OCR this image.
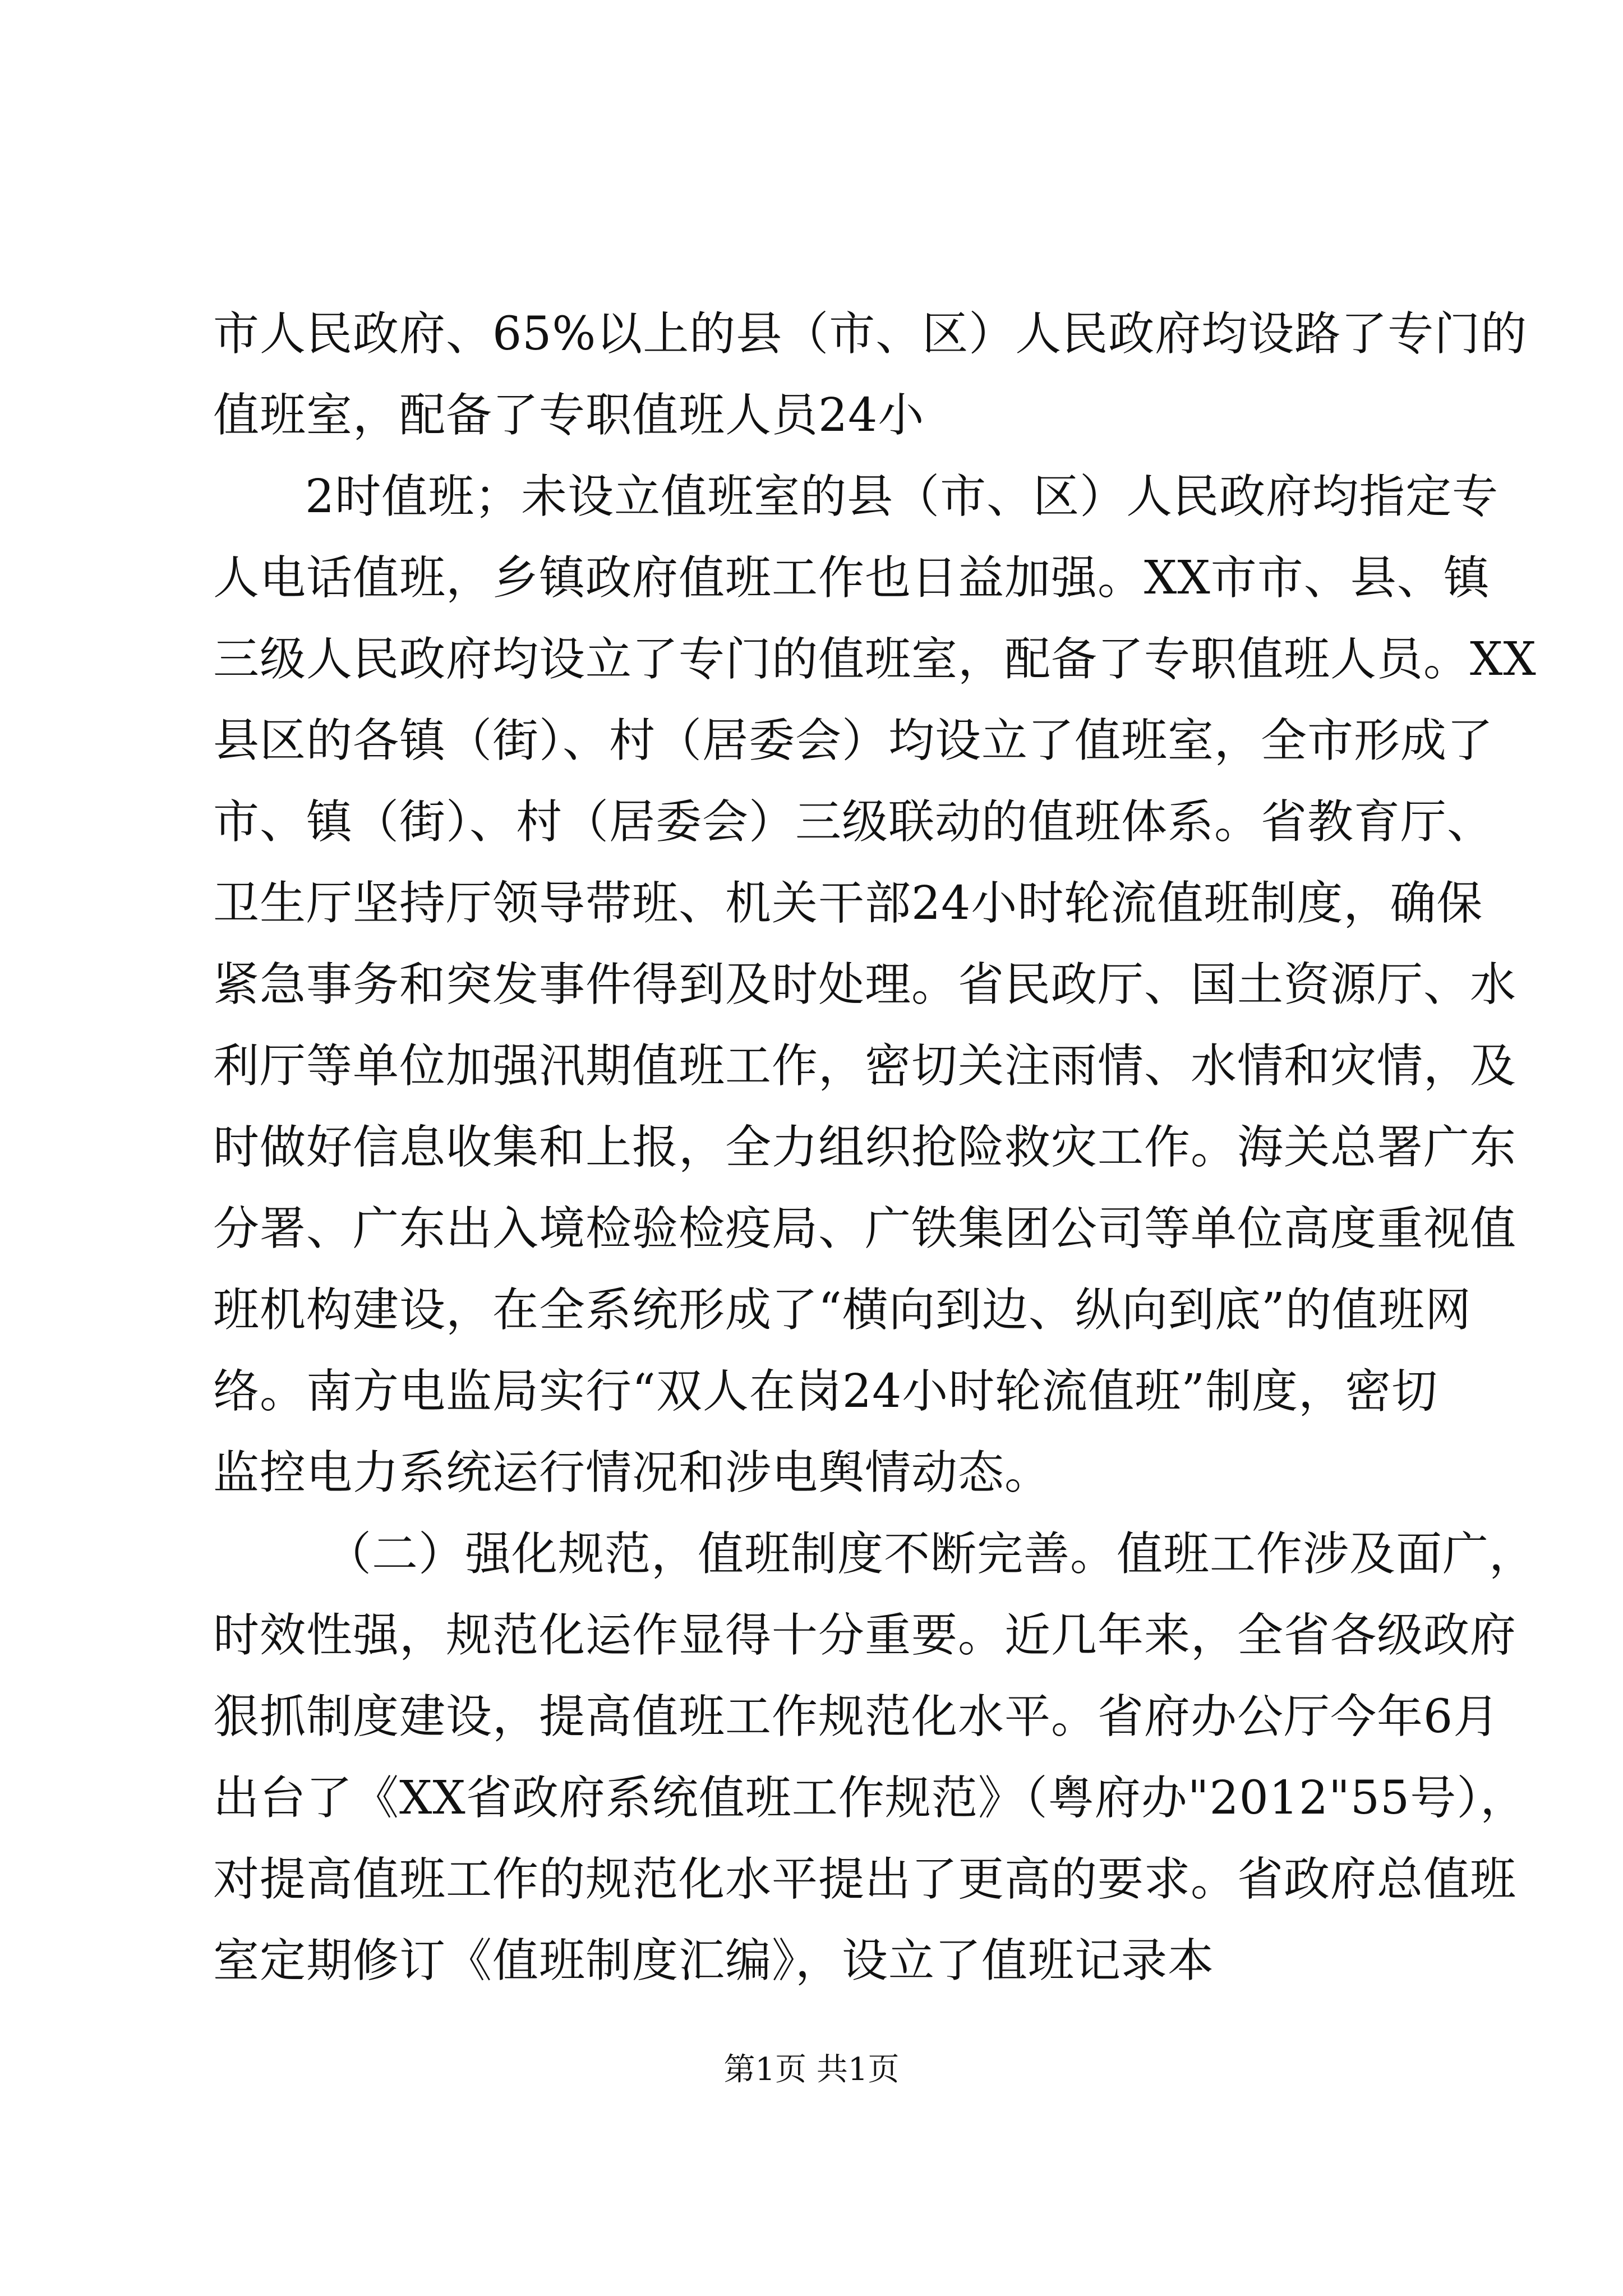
市人民政府、65%以上的县（市、区）人民政府均设路了专门的
值班室，配备了专职值班人员24小
2时值班；未设立值班室的县（市、区）人民政府均指定专
人电话值班，乡镇政府值班工作也日益加强。XX市市、县、镇
三级人民政府均设立了专门的值班室，配备了专职值班人员。XX
县区的各镇（街）、村（居委会）均设立了值班室，全市形成了
市、镇（街）、村（居委会）三级联动的值班体系。省教育厅、
卫生厅坚持厅领导带班、机关干部24小时轮流值班制度，确保
紧急事务和突发事件得到及时处理。省民政厅、国土资源厅、水
利厅等单位加强汛期值班工作，密切关注雨情、水情和灾情，及
时做好信息收集和上报，全力组织抢险救灾工作。海关总署广东
分署、广东出入境检验检疫局、广铁集团公司等单位高度重视值
班机构建设，在全系统形成了“横向到边、纵向到底”的值班网
络。南方电监局实行“双人在岗24小时轮流值班”制度，密切
监控电力系统运行情况和涉电舆情动态。
（二）强化规范，值班制度不断完善。值班工作涉及面广，
时效性强，规范化运作显得十分重要。近几年来，全省各级政府
狠抓制度建设，提高值班工作规范化水平。省府办公厅今年6月
出台了《XX省政府系统值班工作规范》（粤府办"2012"55号），
对提高值班工作的规范化水平提出了更高的要求。省政府总值班
室定期修订《值班制度汇编》，设立了值班记录本
第1页 共1页
